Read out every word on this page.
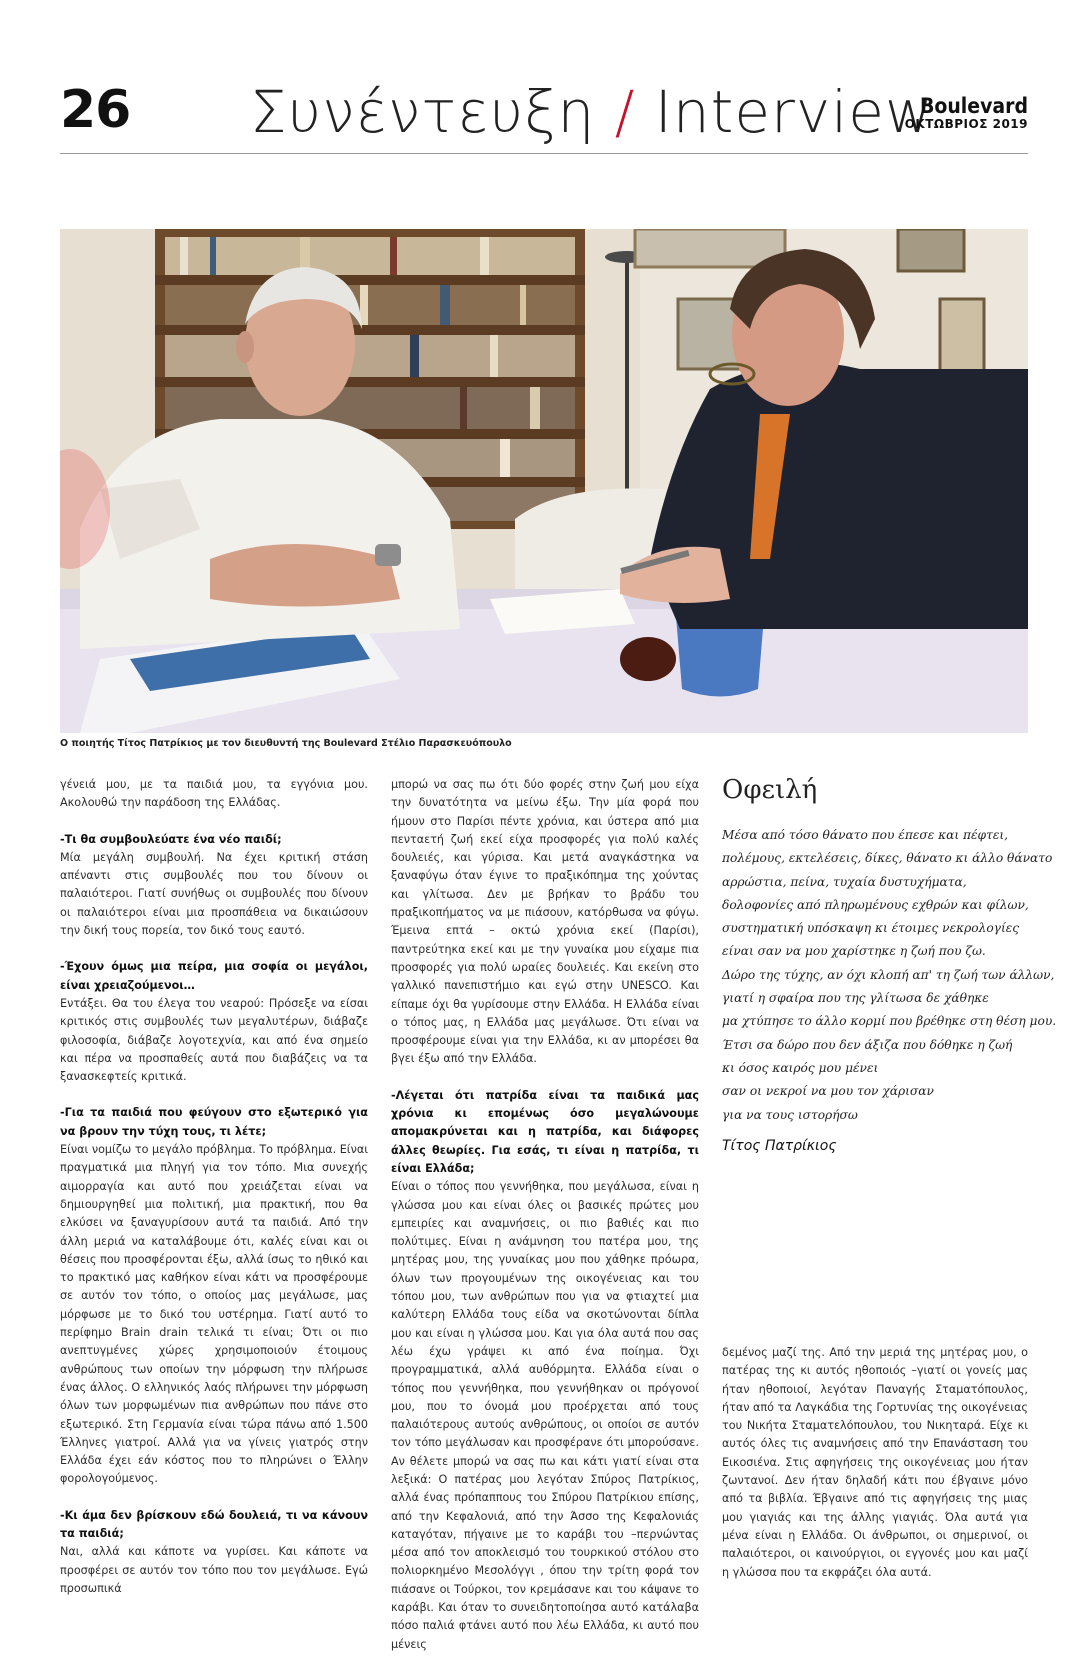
26 Συνέντευξη / Interview
Boulevard
ΟΚΤΩΒΡΙΟΣ 2019
Ο ποιητής Τίτος Πατρίκιος με τον διευθυντή της Boulevard Στέλιο Παρασκευόπουλο

γένειά μου, με τα παιδιά μου, τα εγγόνια μου. Ακολουθώ την παράδοση της Ελλάδας.

-Τι θα συμβουλεύατε ένα νέο παιδί;

Μία μεγάλη συμβουλή. Να έχει κριτική στάση απέναντι στις συμβουλές που του δίνουν οι παλαιότεροι. Γιατί συνήθως οι συμβουλές που δίνουν οι παλαιότεροι είναι μια προσπάθεια να δικαιώσουν την δική τους πορεία, τον δικό τους εαυτό.

-Έχουν όμως μια πείρα, μια σοφία οι μεγάλοι, είναι χρειαζούμενοι…

Εντάξει. Θα του έλεγα του νεαρού: Πρόσεξε να είσαι κριτικός στις συμβουλές των μεγαλυτέρων, διάβαζε φιλοσοφία, διάβαζε λογοτεχνία, και από ένα σημείο και πέρα να προσπαθείς αυτά που διαβάζεις να τα ξανασκεφτείς κριτικά.

-Για τα παιδιά που φεύγουν στο εξωτερικό για να βρουν την τύχη τους, τι λέτε;

Είναι νομίζω το μεγάλο πρόβλημα. Το πρόβλημα. Είναι πραγματικά μια πληγή για τον τόπο. Μια συνεχής αιμορραγία και αυτό που χρειάζεται είναι να δημιουργηθεί μια πολιτική, μια πρακτική, που θα ελκύσει να ξαναγυρίσουν αυτά τα παιδιά. Από την άλλη μεριά να καταλάβουμε ότι, καλές είναι και οι θέσεις που προσφέρονται έξω, αλλά ίσως το ηθικό και το πρακτικό μας καθήκον είναι κάτι να προσφέρουμε σε αυτόν τον τόπο, ο οποίος μας μεγάλωσε, μας μόρφωσε με το δικό του υστέρημα. Γιατί αυτό το περίφημο Brain drain τελικά τι είναι; Ότι οι πιο ανεπτυγμένες χώρες χρησιμοποιούν έτοιμους ανθρώπους των οποίων την μόρφωση την πλήρωσε ένας άλλος. Ο ελληνικός λαός πλήρωνει την μόρφωση όλων των μορφωμένων πια ανθρώπων που πάνε στο εξωτερικό. Στη Γερμανία είναι τώρα πάνω από 1.500 Έλληνες γιατροί. Αλλά για να γίνεις γιατρός στην Ελλάδα έχει εάν κόστος που το πληρώνει ο Έλλην φορολογούμενος.

-Κι άμα δεν βρίσκουν εδώ δουλειά, τι να κάνουν τα παιδιά;

Ναι, αλλά και κάποτε να γυρίσει. Και κάποτε να προσφέρει σε αυτόν τον τόπο που τον μεγάλωσε. Εγώ προσωπικά

μπορώ να σας πω ότι δύο φορές στην ζωή μου είχα την δυνατότητα να μείνω έξω. Την μία φορά που ήμουν στο Παρίσι πέντε χρόνια, και ύστερα από μια πενταετή ζωή εκεί είχα προσφορές για πολύ καλές δουλειές, και γύρισα. Και μετά αναγκάστηκα να ξαναφύγω όταν έγινε το πραξικόπημα της χούντας και γλίτωσα. Δεν με βρήκαν το βράδυ του πραξικοπήματος να με πιάσουν, κατόρθωσα να φύγω. Έμεινα επτά – οκτώ χρόνια εκεί (Παρίσι), παντρεύτηκα εκεί και με την γυναίκα μου είχαμε πια προσφορές για πολύ ωραίες δουλειές. Και εκείνη στο γαλλικό πανεπιστήμιο και εγώ στην UNESCO. Και είπαμε όχι θα γυρίσουμε στην Ελλάδα. Η Ελλάδα είναι ο τόπος μας, η Ελλάδα μας μεγάλωσε. Ότι είναι να προσφέρουμε είναι για την Ελλάδα, κι αν μπορέσει θα βγει έξω από την Ελλάδα.

-Λέγεται ότι πατρίδα είναι τα παιδικά μας χρόνια κι επομένως όσο μεγαλώνουμε απομακρύνεται και η πατρίδα, και διάφορες άλλες θεωρίες. Για εσάς, τι είναι η πατρίδα, τι είναι Ελλάδα;

Είναι ο τόπος που γεννήθηκα, που μεγάλωσα, είναι η γλώσσα μου και είναι όλες οι βασικές πρώτες μου εμπειρίες και αναμνήσεις, οι πιο βαθιές και πιο πολύτιμες. Είναι η ανάμνηση του πατέρα μου, της μητέρας μου, της γυναίκας μου που χάθηκε πρόωρα, όλων των προγουμένων της οικογένειας και του τόπου μου, των ανθρώπων που για να φτιαχτεί μια καλύτερη Ελλάδα τους είδα να σκοτώνονται δίπλα μου και είναι η γλώσσα μου. Και για όλα αυτά που σας λέω έχω γράψει κι από ένα ποίημα. Όχι προγραμματικά, αλλά αυθόρμητα. Ελλάδα είναι ο τόπος που γεννήθηκα, που γεννήθηκαν οι πρόγονοί μου, που το όνομά μου προέρχεται από τους παλαιότερους αυτούς ανθρώπους, οι οποίοι σε αυτόν τον τόπο μεγάλωσαν και προσφέρανε ότι μπορούσανε. Αν θέλετε μπορώ να σας πω και κάτι γιατί είναι στα λεξικά: Ο πατέρας μου λεγόταν Σπύρος Πατρίκιος, αλλά ένας πρόπαππους του Σπύρου Πατρίκιου επίσης, από την Κεφαλονιά, από την Άσσο της Κεφαλονιάς καταγόταν, πήγαινε με το καράβι του –περνώντας μέσα από τον αποκλεισμό του τουρκικού στόλου στο πολιορκημένο Μεσολόγγι , όπου την τρίτη φορά τον πιάσανε οι Τούρκοι, τον κρεμάσανε και του κάψανε το καράβι. Και όταν το συνειδητοποίησα αυτό κατάλαβα πόσο παλιά φτάνει αυτό που λέω Ελλάδα, κι αυτό που μένεις

Οφειλή
Μέσα από τόσο θάνατο που έπεσε και πέφτει,
πολέμους, εκτελέσεις, δίκες, θάνατο κι άλλο θάνατο
αρρώστια, πείνα, τυχαία δυστυχήματα,
δολοφονίες από πληρωμένους εχθρών και φίλων,
συστηματική υπόσκαψη κι έτοιμες νεκρολογίες
είναι σαν να μου χαρίστηκε η ζωή που ζω.
Δώρο της τύχης, αν όχι κλοπή απ' τη ζωή των άλλων,
γιατί η σφαίρα που της γλίτωσα δε χάθηκε
μα χτύπησε το άλλο κορμί που βρέθηκε στη θέση μου.
Έτσι σα δώρο που δεν άξιζα που δόθηκε η ζωή
κι όσος καιρός μου μένει
σαν οι νεκροί να μου τον χάρισαν
για να τους ιστορήσω
Τίτος Πατρίκιος

δεμένος μαζί της. Από την μεριά της μητέρας μου, ο πατέρας της κι αυτός ηθοποιός –γιατί οι γονείς μας ήταν ηθοποιοί, λεγόταν Παναγής Σταματόπουλος, ήταν από τα Λαγκάδια της Γορτυνίας της οικογένειας του Νικήτα Σταματελόπουλου, του Νικηταρά. Είχε κι αυτός όλες τις αναμνήσεις από την Επανάσταση του Εικοσιένα. Στις αφηγήσεις της οικογένειας μου ήταν ζωντανοί. Δεν ήταν δηλαδή κάτι που έβγαινε μόνο από τα βιβλία. Έβγαινε από τις αφηγήσεις της μιας μου γιαγιάς και της άλλης γιαγιάς. Όλα αυτά για μένα είναι η Ελλάδα. Οι άνθρωποι, οι σημερινοί, οι παλαιότεροι, οι καινούργιοι, οι εγγονές μου και μαζί η γλώσσα που τα εκφράζει όλα αυτά.
